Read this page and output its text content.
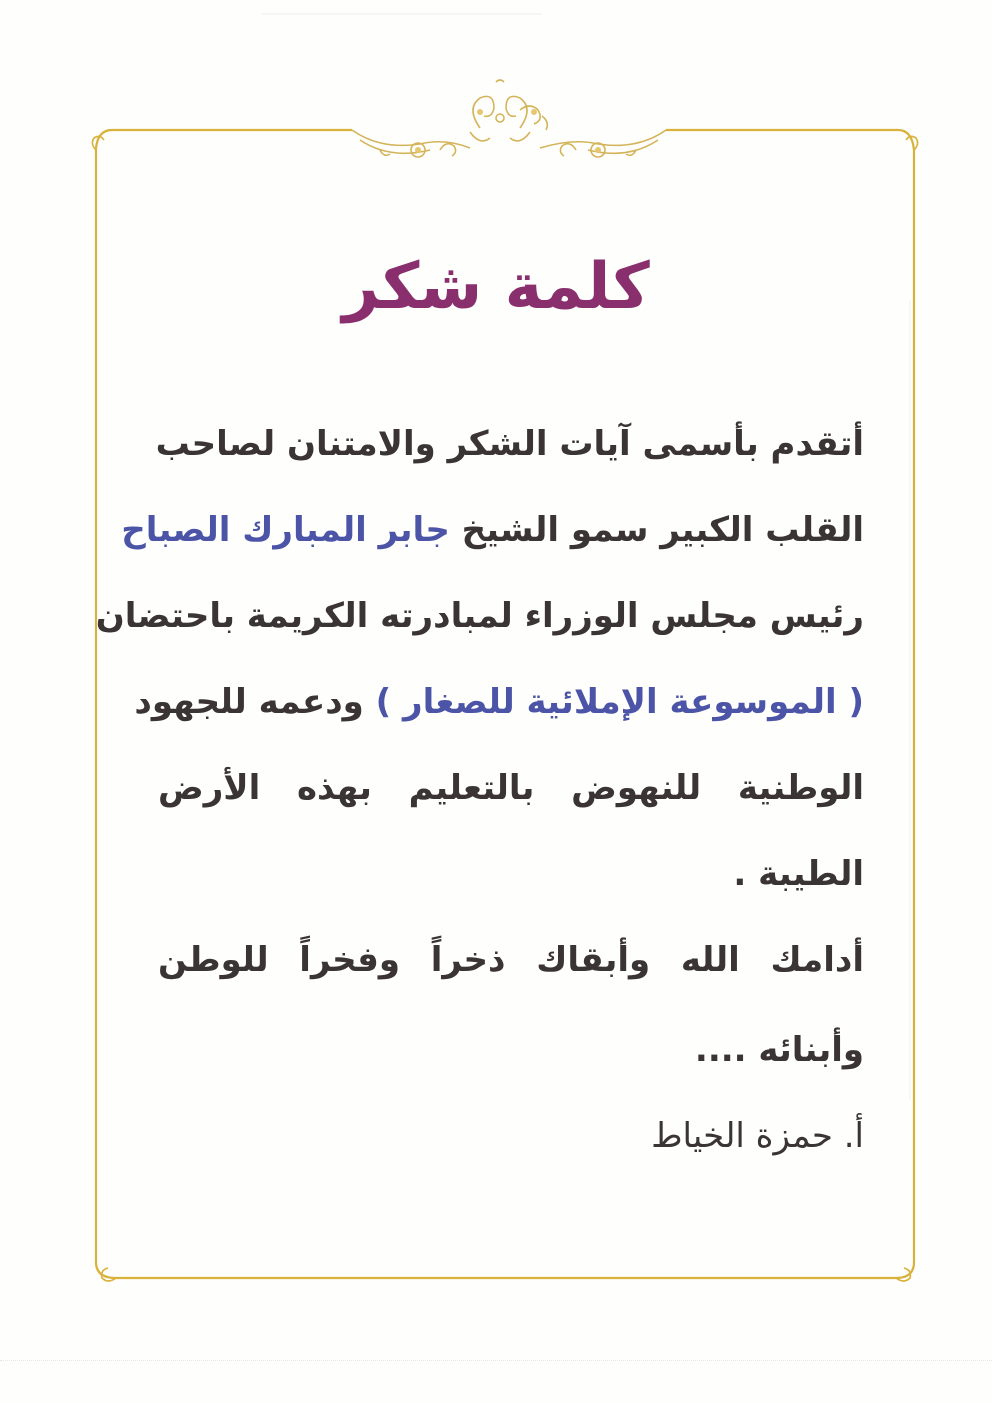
كلمة شكر
أتقدم بأسمى آيات الشكر والامتنان لصاحب
القلب الكبير سمو الشيخ جابر المبارك الصباح
رئيس مجلس الوزراء لمبادرته الكريمة باحتضان
( الموسوعة الإملائية للصغار ) ودعمه للجهود
الوطنية للنهوض بالتعليم بهذه الأرض
الطيبة .
أدامك الله وأبقاك ذخراً وفخراً للوطن
وأبنائه ....
أ. حمزة الخياط
